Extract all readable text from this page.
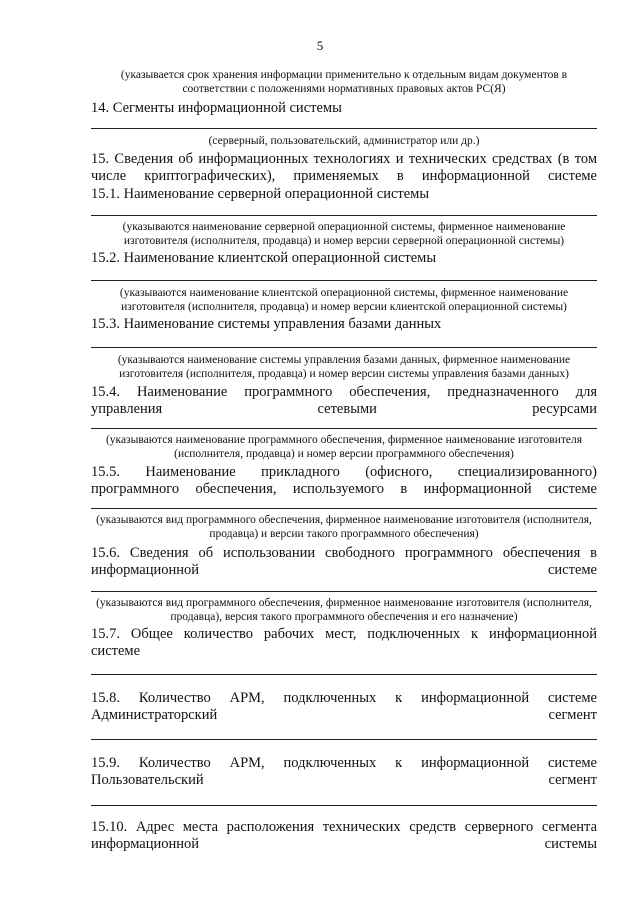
5
(указывается срок хранения информации применительно к отдельным видам документов в соответствии с положениями нормативных правовых актов РС(Я)
14. Сегменты информационной системы
(серверный, пользовательский, администратор или др.)
15. Сведения об информационных технологиях и технических средствах (в том числе криптографических), применяемых в информационной системе
15.1. Наименование серверной операционной системы
(указываются наименование серверной операционной системы, фирменное наименование изготовителя (исполнителя, продавца) и номер версии серверной операционной системы)
15.2. Наименование клиентской операционной системы
(указываются наименование клиентской операционной системы, фирменное наименование изготовителя (исполнителя, продавца) и номер версии клиентской операционной системы)
15.3. Наименование системы управления базами данных
(указываются наименование системы управления базами данных, фирменное наименование изготовителя (исполнителя, продавца) и номер версии системы управления базами данных)
15.4. Наименование программного обеспечения, предназначенного для управления сетевыми ресурсами
(указываются наименование программного обеспечения, фирменное наименование изготовителя (исполнителя, продавца) и номер версии программного обеспечения)
15.5. Наименование прикладного (офисного, специализированного) программного обеспечения, используемого в информационной системе
(указываются вид программного обеспечения, фирменное наименование изготовителя (исполнителя, продавца) и версии такого программного обеспечения)
15.6. Сведения об использовании свободного программного обеспечения в информационной системе
(указываются вид программного обеспечения, фирменное наименование изготовителя (исполнителя, продавца), версия такого программного обеспечения и его назначение)
15.7. Общее количество рабочих мест, подключенных к информационной системе
15.8. Количество АРМ, подключенных к информационной системе Администраторский сегмент
15.9. Количество АРМ, подключенных к информационной системе Пользовательский сегмент
15.10. Адрес места расположения технических средств серверного сегмента информационной системы
